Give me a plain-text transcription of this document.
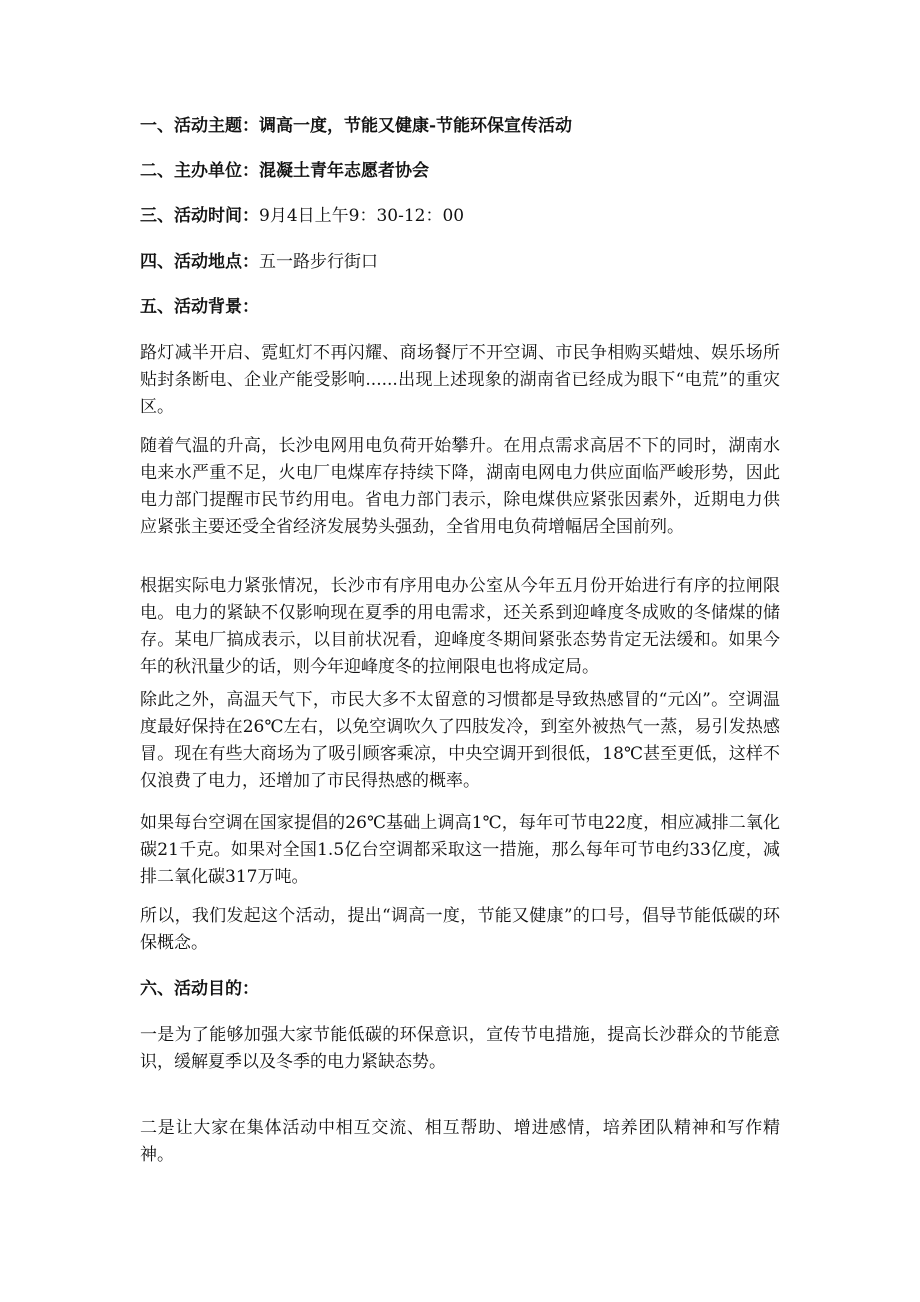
一、活动主题：调高一度，节能又健康-节能环保宣传活动
二、主办单位：混凝土青年志愿者协会
三、活动时间：9月4日上午9：30-12：00
四、活动地点：五一路步行街口
五、活动背景：

路灯减半开启、霓虹灯不再闪耀、商场餐厅不开空调、市民争相购买蜡烛、娱乐场所贴封条断电、企业产能受影响......出现上述现象的湖南省已经成为眼下“电荒”的重灾区。

随着气温的升高，长沙电网用电负荷开始攀升。在用点需求高居不下的同时，湖南水电来水严重不足，火电厂电煤库存持续下降，湖南电网电力供应面临严峻形势，因此电力部门提醒市民节约用电。省电力部门表示，除电煤供应紧张因素外，近期电力供应紧张主要还受全省经济发展势头强劲，全省用电负荷增幅居全国前列。

根据实际电力紧张情况，长沙市有序用电办公室从今年五月份开始进行有序的拉闸限电。电力的紧缺不仅影响现在夏季的用电需求，还关系到迎峰度冬成败的冬储煤的储存。某电厂搞成表示，以目前状况看，迎峰度冬期间紧张态势肯定无法缓和。如果今年的秋汛量少的话，则今年迎峰度冬的拉闸限电也将成定局。

除此之外，高温天气下，市民大多不太留意的习惯都是导致热感冒的“元凶”。空调温度最好保持在26℃左右，以免空调吹久了四肢发冷，到室外被热气一蒸，易引发热感冒。现在有些大商场为了吸引顾客乘凉，中央空调开到很低，18℃甚至更低，这样不仅浪费了电力，还增加了市民得热感的概率。

如果每台空调在国家提倡的26℃基础上调高1℃，每年可节电22度，相应减排二氧化碳21千克。如果对全国1.5亿台空调都采取这一措施，那么每年可节电约33亿度，减排二氧化碳317万吨。

所以，我们发起这个活动，提出“调高一度，节能又健康”的口号，倡导节能低碳的环保概念。

六、活动目的：

一是为了能够加强大家节能低碳的环保意识，宣传节电措施，提高长沙群众的节能意识，缓解夏季以及冬季的电力紧缺态势。

二是让大家在集体活动中相互交流、相互帮助、增进感情，培养团队精神和写作精神。
